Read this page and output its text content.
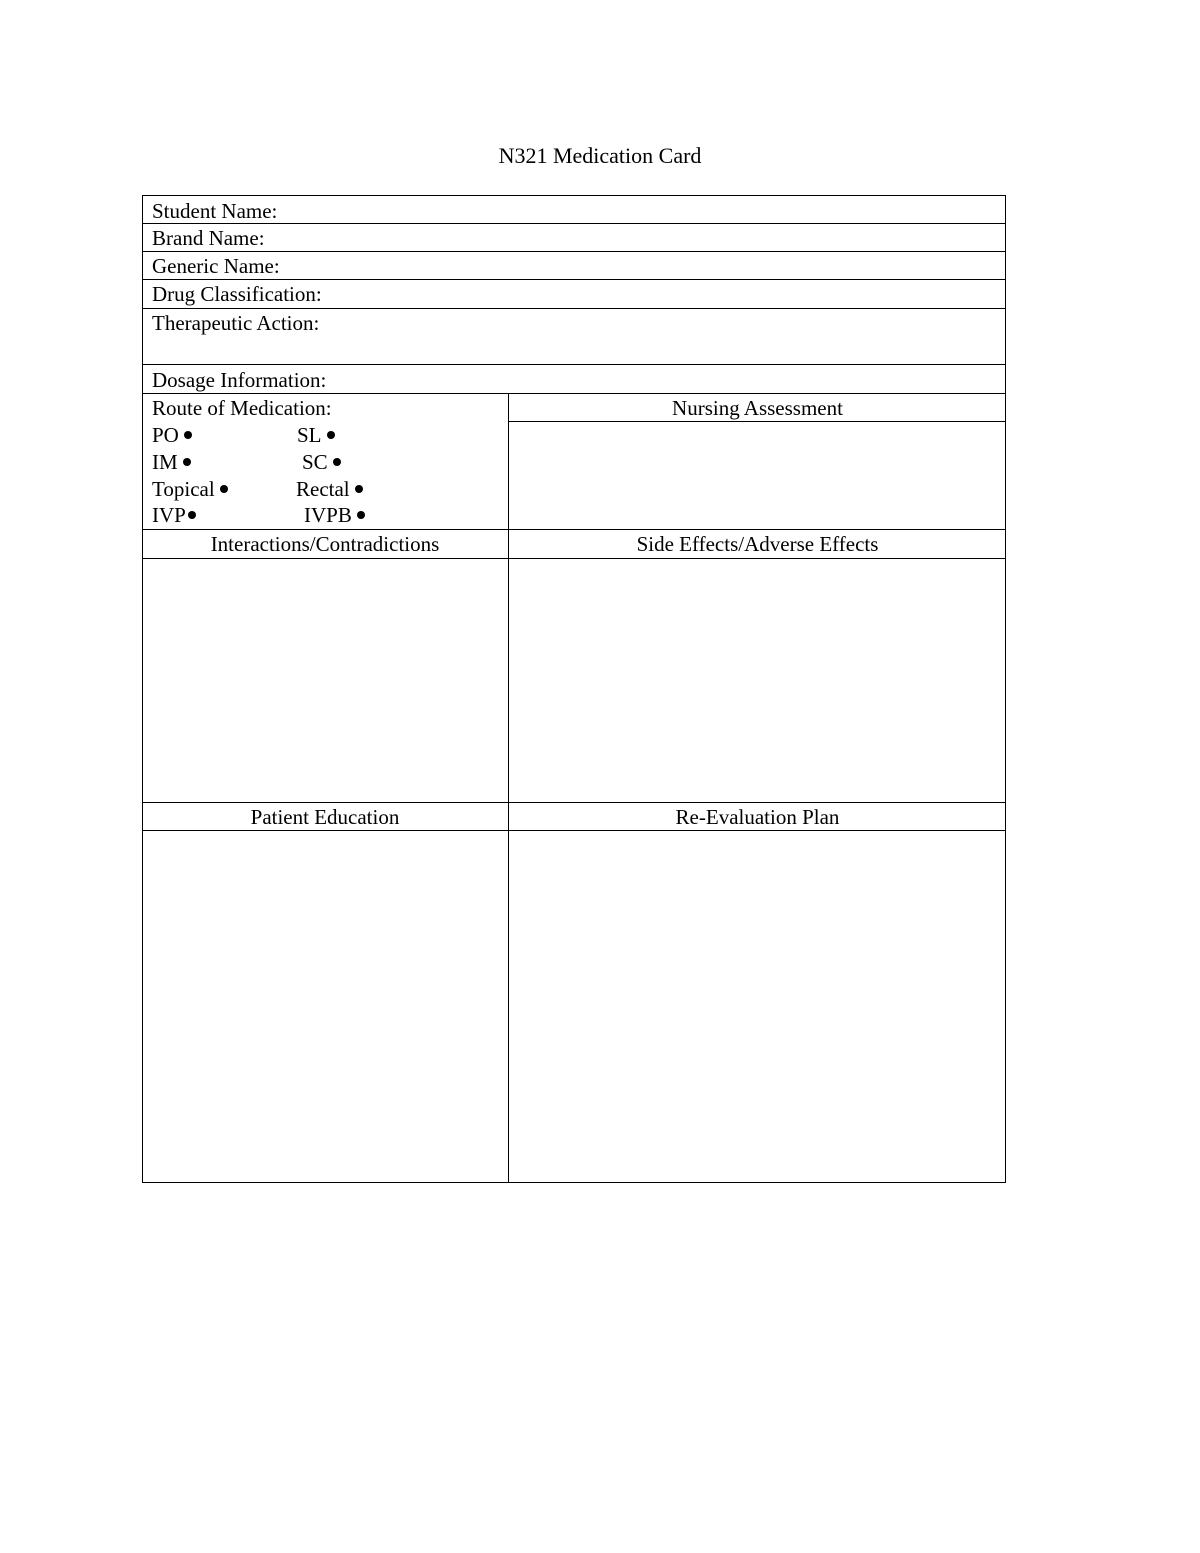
N321 Medication Card
Student Name:
Brand Name:
Generic Name:
Drug Classification:
Therapeutic Action:
Dosage Information:
Route of Medication:
PO	SL
IM	SC
Topical	Rectal
IVP	IVPB
Nursing Assessment
Interactions/Contradictions	Side Effects/Adverse Effects
Patient Education	Re-Evaluation Plan
